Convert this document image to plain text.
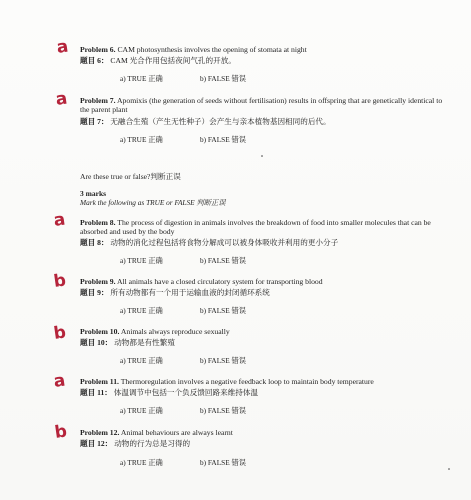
a Problem 6. CAM photosynthesis involves the opening of stomata at night
题目 6： CAM 光合作用包括夜间气孔的开放。
a) TRUE 正确	b) FALSE 错误
a Problem 7. Apomixis (the generation of seeds without fertilisation) results in offspring that are genetically identical to the parent plant
题目 7： 无融合生殖（产生无性种子）会产生与亲本植物基因相同的后代。
a) TRUE 正确	b) FALSE 错误
Are these true or false?判断正误
3 marks
Mark the following as TRUE or FALSE 判断正误
a Problem 8. The process of digestion in animals involves the breakdown of food into smaller molecules that can be absorbed and used by the body
题目 8： 动物的消化过程包括将食物分解成可以被身体吸收并利用的更小分子
a) TRUE 正确	b) FALSE 错误
b Problem 9. All animals have a closed circulatory system for transporting blood
题目 9： 所有动物都有一个用于运输血液的封闭循环系统
a) TRUE 正确	b) FALSE 错误
b Problem 10. Animals always reproduce sexually
题目 10： 动物都是有性繁殖
a) TRUE 正确	b) FALSE 错误
a Problem 11. Thermoregulation involves a negative feedback loop to maintain body temperature
题目 11： 体温调节中包括一个负反馈回路来维持体温
a) TRUE 正确	b) FALSE 错误
b Problem 12. Animal behaviours are always learnt
题目 12： 动物的行为总是习得的
a) TRUE 正确	b) FALSE 错误
